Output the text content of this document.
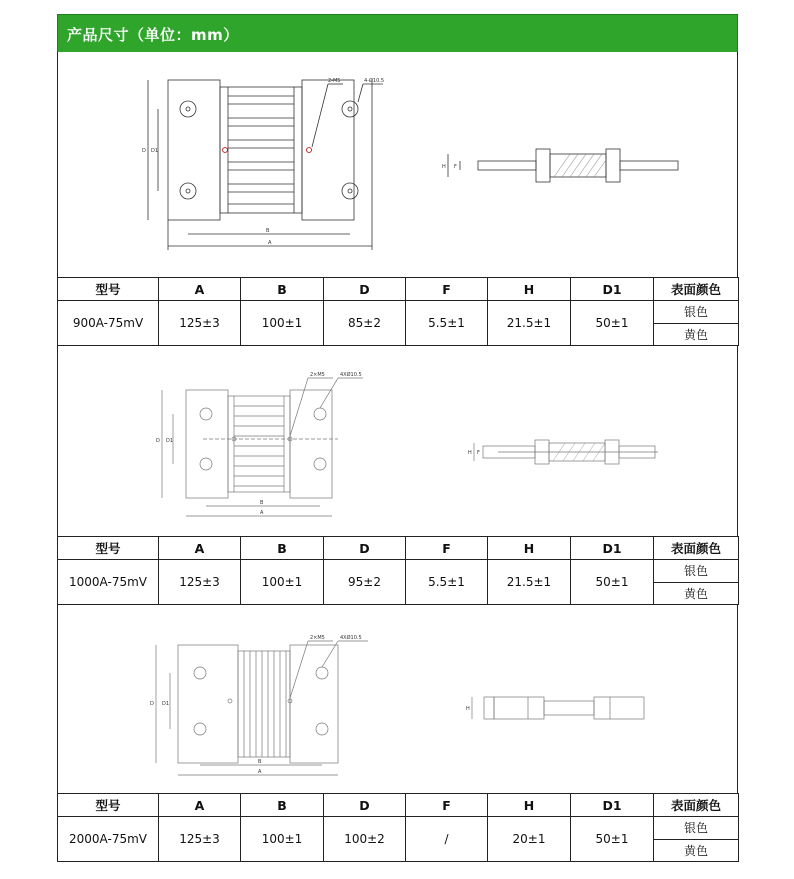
产品尺寸（单位：mm）
2-M5	4-Ø10.5
D D1
B
A
H F
型号	A	B	D	F	H	D1	表面颜色
900A-75mV	125±3	100±1	85±2	5.5±1	21.5±1	50±1	银色
							黄色
2×M5	4XØ10.5
D D1
B
A
H F
型号	A	B	D	F	H	D1	表面颜色
1000A-75mV	125±3	100±1	95±2	5.5±1	21.5±1	50±1	银色
							黄色
2×M5	4XØ10.5
D D1
B
A
H
型号	A	B	D	F	H	D1	表面颜色
2000A-75mV	125±3	100±1	100±2	/	20±1	50±1	银色
							黄色
